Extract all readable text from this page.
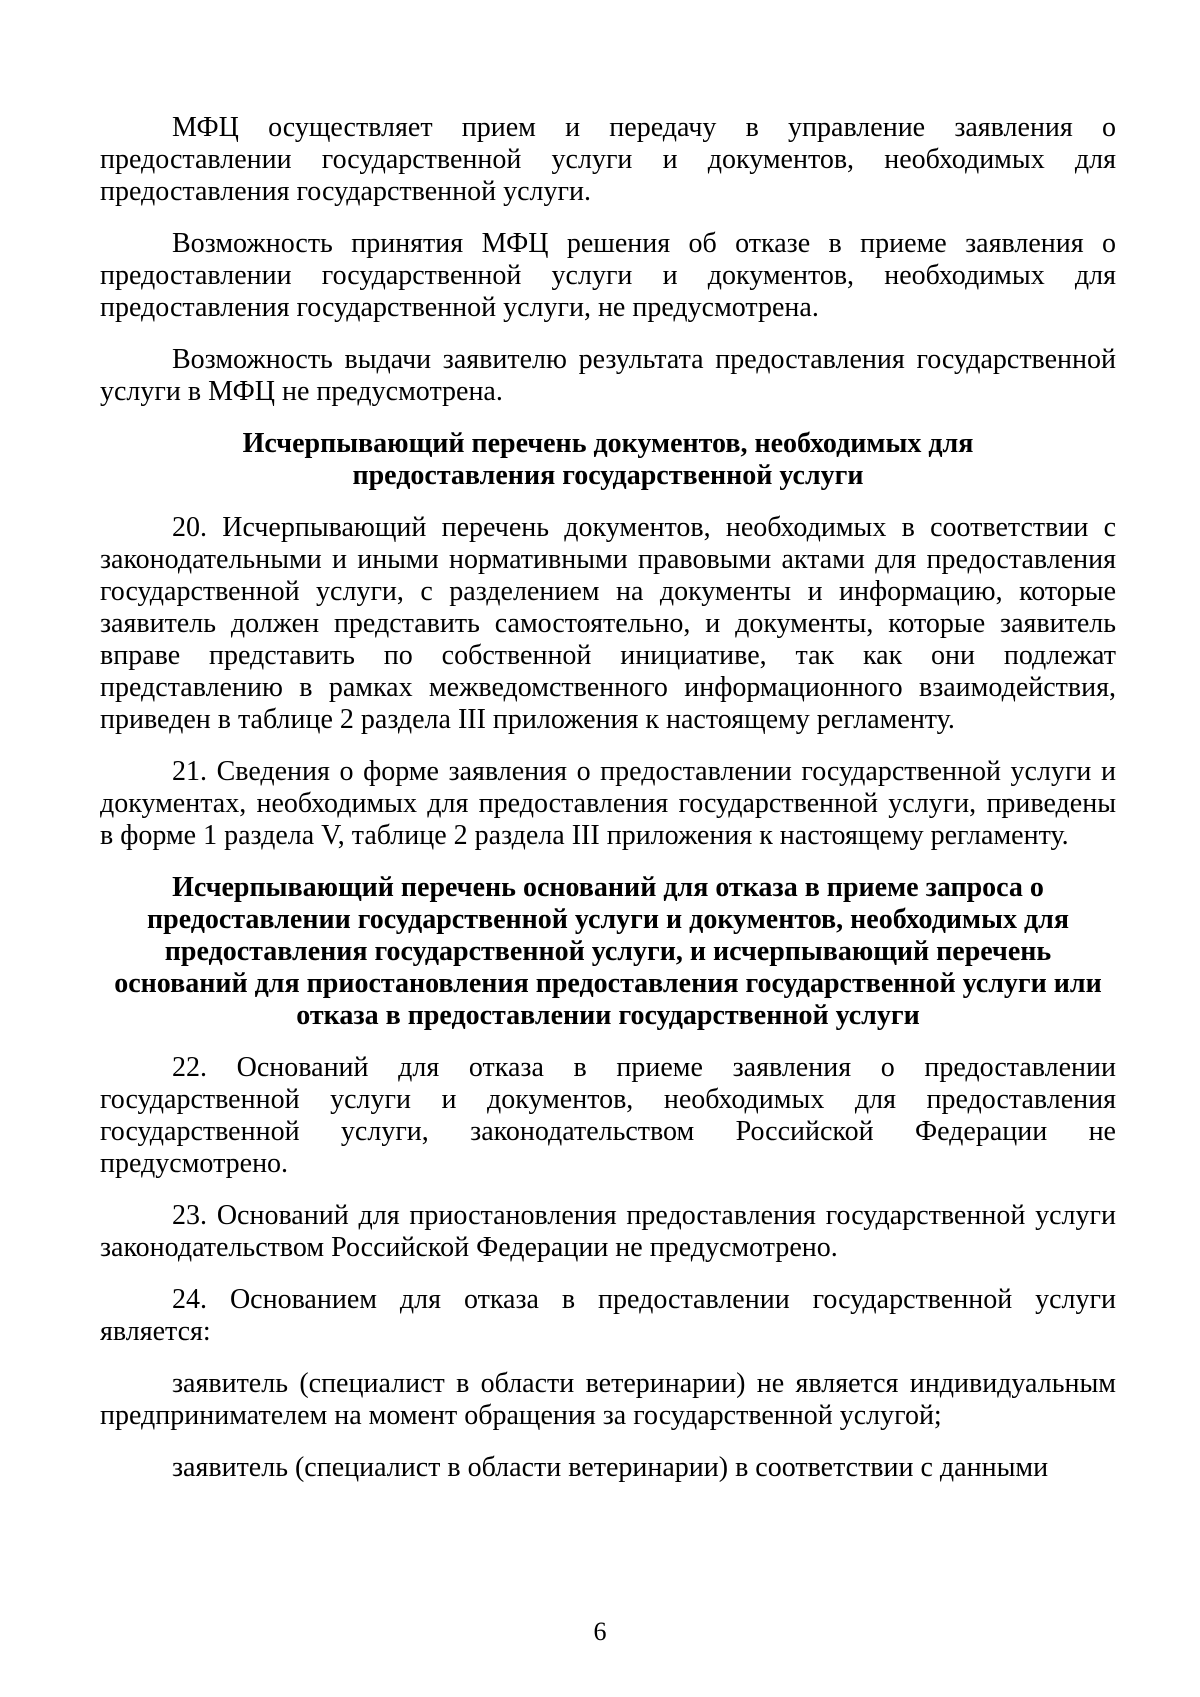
МФЦ осуществляет прием и передачу в управление заявления о предоставлении государственной услуги и документов, необходимых для предоставления государственной услуги.

Возможность принятия МФЦ решения об отказе в приеме заявления о предоставлении государственной услуги и документов, необходимых для предоставления государственной услуги, не предусмотрена.

Возможность выдачи заявителю результата предоставления государственной услуги в МФЦ не предусмотрена.

Исчерпывающий перечень документов, необходимых для предоставления государственной услуги

20. Исчерпывающий перечень документов, необходимых в соответствии с законодательными и иными нормативными правовыми актами для предоставления государственной услуги, с разделением на документы и информацию, которые заявитель должен представить самостоятельно, и документы, которые заявитель вправе представить по собственной инициативе, так как они подлежат представлению в рамках межведомственного информационного взаимодействия, приведен в таблице 2 раздела III приложения к настоящему регламенту.

21. Сведения о форме заявления о предоставлении государственной услуги и документах, необходимых для предоставления государственной услуги, приведены в форме 1 раздела V, таблице 2 раздела III приложения к настоящему регламенту.

Исчерпывающий перечень оснований для отказа в приеме запроса о предоставлении государственной услуги и документов, необходимых для предоставления государственной услуги, и исчерпывающий перечень оснований для приостановления предоставления государственной услуги или отказа в предоставлении государственной услуги

22. Оснований для отказа в приеме заявления о предоставлении государственной услуги и документов, необходимых для предоставления государственной услуги, законодательством Российской Федерации не предусмотрено.

23. Оснований для приостановления предоставления государственной услуги законодательством Российской Федерации не предусмотрено.

24. Основанием для отказа в предоставлении государственной услуги является:

заявитель (специалист в области ветеринарии) не является индивидуальным предпринимателем на момент обращения за государственной услугой;

заявитель (специалист в области ветеринарии) в соответствии с данными

6
